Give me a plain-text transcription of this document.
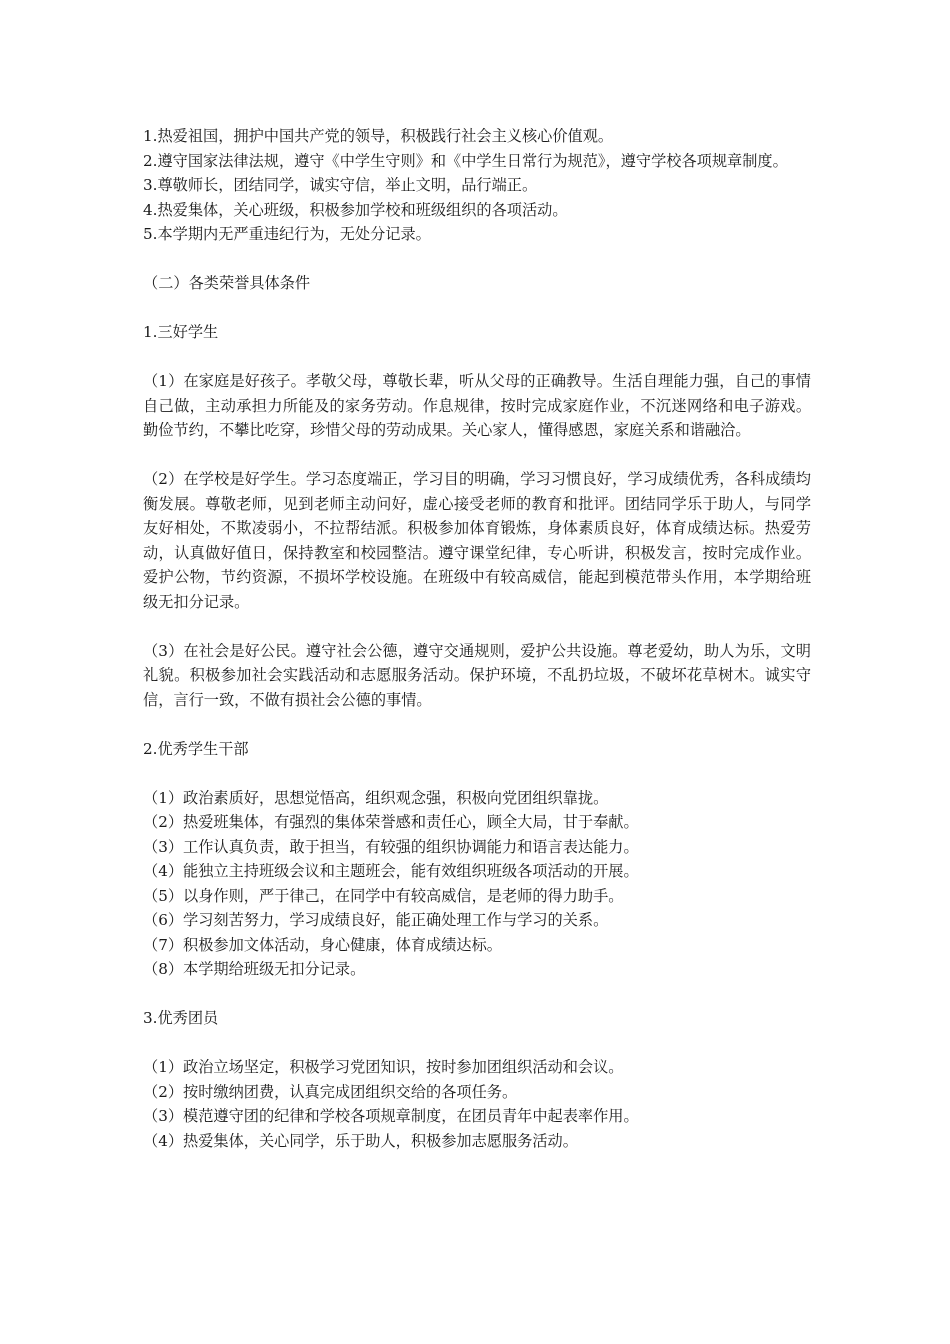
1.热爱祖国，拥护中国共产党的领导，积极践行社会主义核心价值观。

2.遵守国家法律法规，遵守《中学生守则》和《中学生日常行为规范》，遵守学校各项规章制度。

3.尊敬师长，团结同学，诚实守信，举止文明，品行端正。

4.热爱集体，关心班级，积极参加学校和班级组织的各项活动。

5.本学期内无严重违纪行为，无处分记录。

（二）各类荣誉具体条件

1.三好学生

（1）在家庭是好孩子。孝敬父母，尊敬长辈，听从父母的正确教导。生活自理能力强，自己的事情自己做，主动承担力所能及的家务劳动。作息规律，按时完成家庭作业，不沉迷网络和电子游戏。勤俭节约，不攀比吃穿，珍惜父母的劳动成果。关心家人，懂得感恩，家庭关系和谐融洽。

（2）在学校是好学生。学习态度端正，学习目的明确，学习习惯良好，学习成绩优秀，各科成绩均衡发展。尊敬老师，见到老师主动问好，虚心接受老师的教育和批评。团结同学乐于助人，与同学友好相处，不欺凌弱小，不拉帮结派。积极参加体育锻炼，身体素质良好，体育成绩达标。热爱劳动，认真做好值日，保持教室和校园整洁。遵守课堂纪律，专心听讲，积极发言，按时完成作业。爱护公物，节约资源，不损坏学校设施。在班级中有较高威信，能起到模范带头作用，本学期给班级无扣分记录。

（3）在社会是好公民。遵守社会公德，遵守交通规则，爱护公共设施。尊老爱幼，助人为乐，文明礼貌。积极参加社会实践活动和志愿服务活动。保护环境，不乱扔垃圾，不破坏花草树木。诚实守信，言行一致，不做有损社会公德的事情。

2.优秀学生干部

（1）政治素质好，思想觉悟高，组织观念强，积极向党团组织靠拢。

（2）热爱班集体，有强烈的集体荣誉感和责任心，顾全大局，甘于奉献。

（3）工作认真负责，敢于担当，有较强的组织协调能力和语言表达能力。

（4）能独立主持班级会议和主题班会，能有效组织班级各项活动的开展。

（5）以身作则，严于律己，在同学中有较高威信，是老师的得力助手。

（6）学习刻苦努力，学习成绩良好，能正确处理工作与学习的关系。

（7）积极参加文体活动，身心健康，体育成绩达标。

（8）本学期给班级无扣分记录。

3.优秀团员

（1）政治立场坚定，积极学习党团知识，按时参加团组织活动和会议。

（2）按时缴纳团费，认真完成团组织交给的各项任务。

（3）模范遵守团的纪律和学校各项规章制度，在团员青年中起表率作用。

（4）热爱集体，关心同学，乐于助人，积极参加志愿服务活动。
